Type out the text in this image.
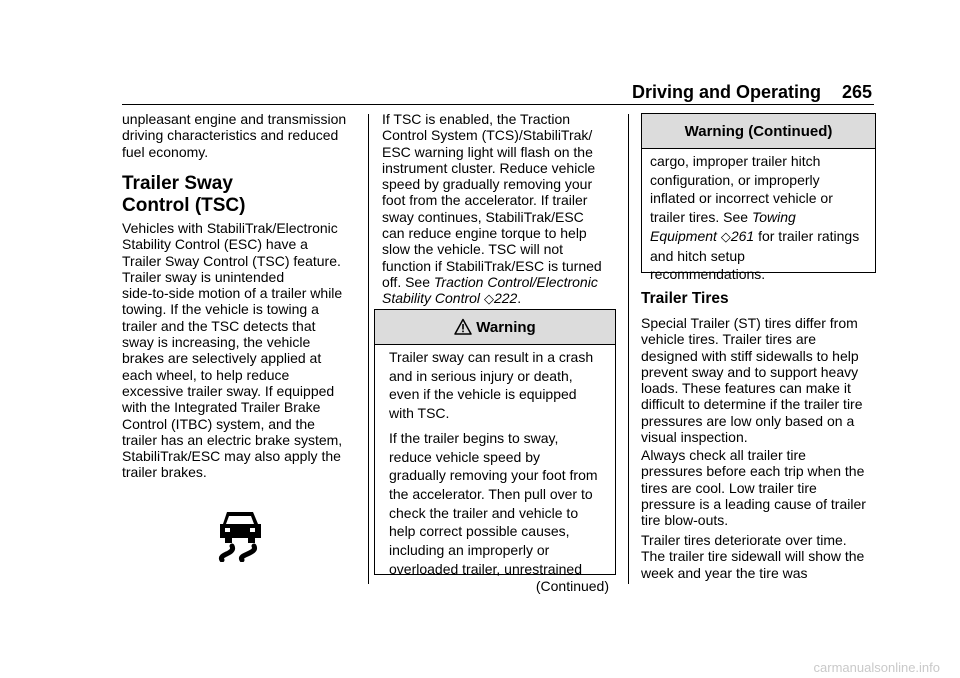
Driving and Operating 265
unpleasant engine and transmission
driving characteristics and reduced
fuel economy.
Trailer Sway
Control (TSC)
Vehicles with StabiliTrak/Electronic
Stability Control (ESC) have a
Trailer Sway Control (TSC) feature.
Trailer sway is unintended
side-to-side motion of a trailer while
towing. If the vehicle is towing a
trailer and the TSC detects that
sway is increasing, the vehicle
brakes are selectively applied at
each wheel, to help reduce
excessive trailer sway. If equipped
with the Integrated Trailer Brake
Control (ITBC) system, and the
trailer has an electric brake system,
StabiliTrak/ESC may also apply the
trailer brakes.
If TSC is enabled, the Traction
Control System (TCS)/StabiliTrak/
ESC warning light will flash on the
instrument cluster. Reduce vehicle
speed by gradually removing your
foot from the accelerator. If trailer
sway continues, StabiliTrak/ESC
can reduce engine torque to help
slow the vehicle. TSC will not
function if StabiliTrak/ESC is turned
off. See Traction Control/Electronic
Stability Control ◇222.
Warning

Trailer sway can result in a crash
and in serious injury or death,
even if the vehicle is equipped
with TSC.

If the trailer begins to sway,
reduce vehicle speed by
gradually removing your foot from
the accelerator. Then pull over to
check the trailer and vehicle to
help correct possible causes,
including an improperly or
overloaded trailer, unrestrained

(Continued)
Warning (Continued)

cargo, improper trailer hitch
configuration, or improperly
inflated or incorrect vehicle or
trailer tires. See Towing
Equipment ◇261 for trailer ratings
and hitch setup
recommendations.

Trailer Tires
Special Trailer (ST) tires differ from
vehicle tires. Trailer tires are
designed with stiff sidewalls to help
prevent sway and to support heavy
loads. These features can make it
difficult to determine if the trailer tire
pressures are low only based on a
visual inspection.
Always check all trailer tire
pressures before each trip when the
tires are cool. Low trailer tire
pressure is a leading cause of trailer
tire blow-outs.
Trailer tires deteriorate over time.
The trailer tire sidewall will show the
week and year the tire was
carmanualsonline.info
